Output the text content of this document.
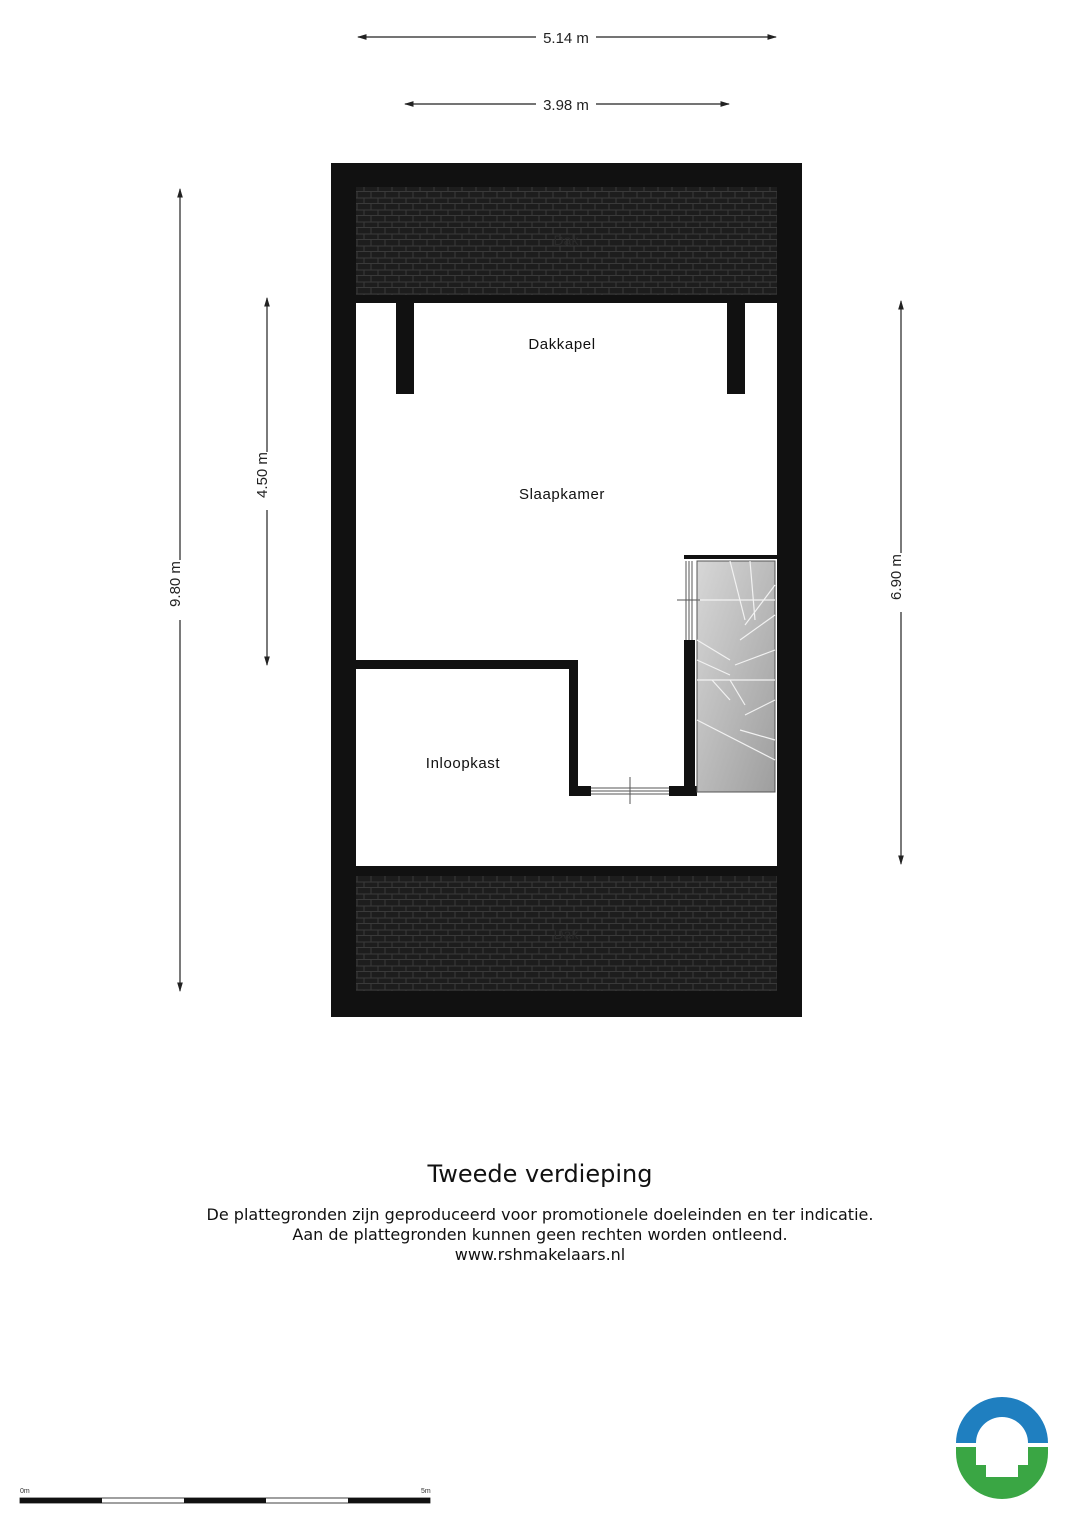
5.14 m
3.98 m
9.80 m
4.50 m
6.90 m
Dak
Dak
Dakkapel
Slaapkamer
Inloopkast
0m	5m
Tweede verdieping
De plattegronden zijn geproduceerd voor promotionele doeleinden en ter indicatie.
Aan de plattegronden kunnen geen rechten worden ontleend.
www.rshmakelaars.nl
